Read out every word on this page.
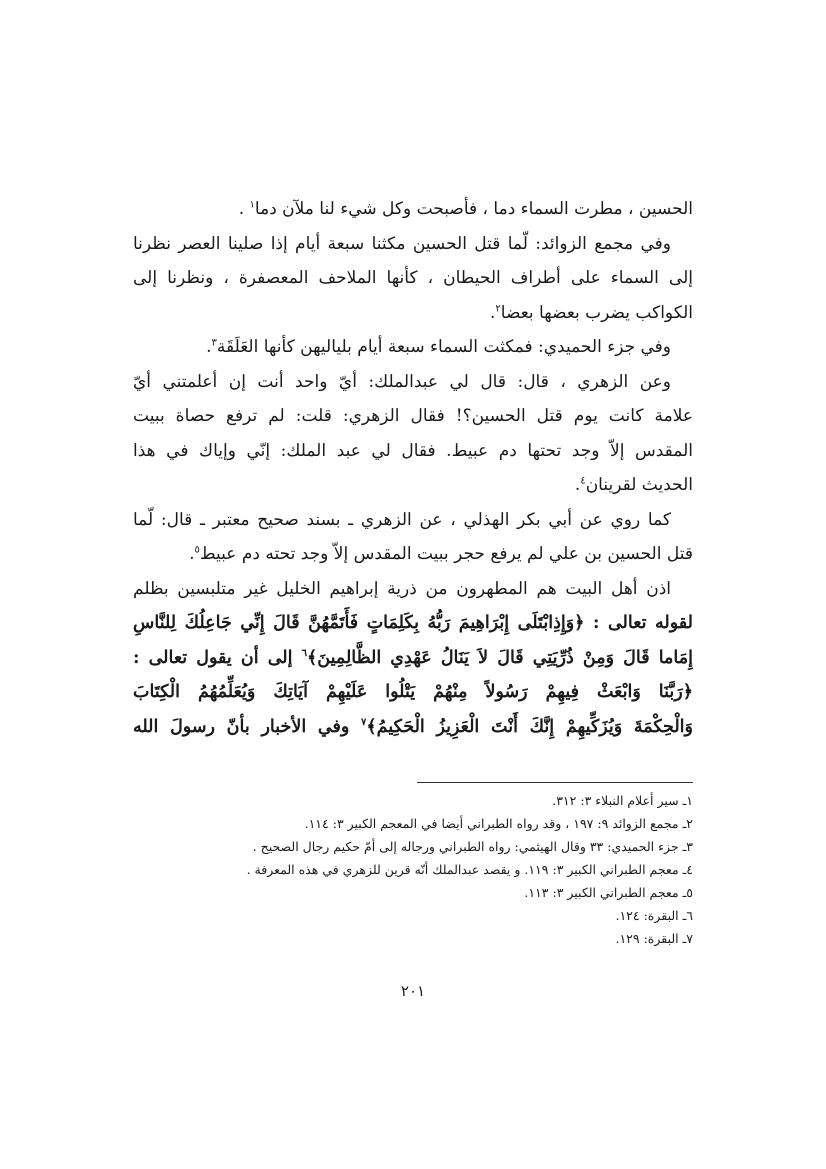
الحسين ، مطرت السماء دما ، فأصبحت وكل شيء لنا ملآن دما$^١$ .
وفي مجمع الزوائد: لّما قتل الحسين مكثنا سبعة أيام إذا صلينا العصر نظرنا
إلى السماء على أطراف الحيطان ، كأنها الملاحف المعصفرة ، ونظرنا إلى
الكواكب يضرب بعضها بعضا$^٢$.
وفي جزء الحميدي: فمكثت السماء سبعة أيام بلياليهن كأنها العَلَقَة$^٣$.
وعن الزهري ، قال: قال لي عبدالملك: أيّ واحد أنت إن أعلمتني أيّ
علامة كانت يوم قتل الحسين؟! فقال الزهري: قلت: لم ترفع حصاة ببيت
المقدس إلاّ وجد تحتها دم عبيط. فقال لي عبد الملك: إنّي وإياك في هذا
الحديث لقرينان$^٤$.
كما روي عن أبي بكر الهذلي ، عن الزهري ـ بسند صحيح معتبر ـ قال: لّما
قتل الحسين بن علي لم يرفع حجر ببيت المقدس إلاّ وجد تحته دم عبيط$^٥$.
اذن أهل البيت هم المطهرون من ذرية إبراهيم الخليل غير متلبسين بظلم
لقوله تعالى : ﴿وَإِذِابْتَلَى إِبْرَاهِيمَ رَبُّهُ بِكَلِمَاتٍ فَأَتَمَّهُنَّ قَالَ إِنِّي جَاعِلُكَ لِلنَّاسِ
إِمَاما قَالَ وَمِنْ ذُرِّيَتِي قَالَ لاَ يَنَالُ عَهْدِي الظَّالِمِينَ﴾$^٦$ إلى أن يقول تعالى :
﴿رَبَّنَا وَابْعَثْ فِيهِمْ رَسُولاً مِنْهُمْ يَتْلُوا عَلَيْهِمْ آيَاتِكَ وَيُعَلِّمُهُمُ الْكِتَابَ
وَالْحِكْمَةَ وَيُزَكِّيهِمْ إِنَّكَ أَنْتَ الْعَزِيزُ الْحَكِيمُ﴾$^٧$ وفي الأخبار بأنّ رسولَ الله
١ـ سير أعلام النبلاء ٣: ٣١٢.
٢ـ مجمع الزوائد ٩: ١٩٧ ، وقد رواه الطبراني أيضا في المعجم الكبير ٣: ١١٤.
٣ـ جزء الحميدي: ٣٣ وقال الهيثمي: رواه الطبراني ورجاله إلى أمّ حكيم رجال الصحيح .
٤ـ معجم الطبراني الكبير ٣: ١١٩. و يقصد عبدالملك أنّه قرين للزهري في هذه المعرفة .
٥ـ معجم الطبراني الكبير ٣: ١١٣.
٦ـ البقرة: ١٢٤.
٧ـ البقرة: ١٢٩.
٢٠١
